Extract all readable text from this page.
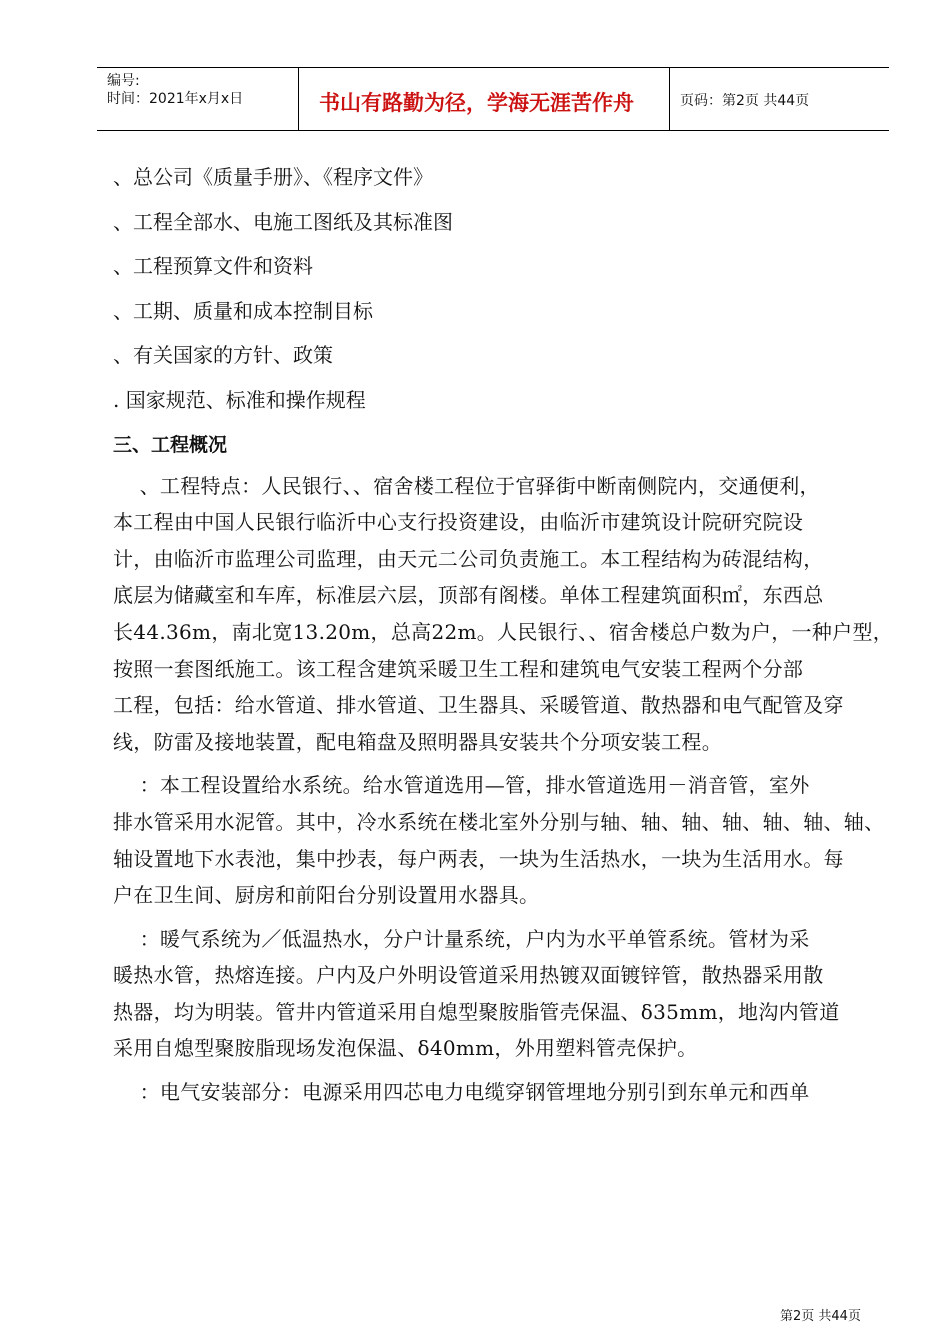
编号:
时间：2021年x月x日	书山有路勤为径，学海无涯苦作舟	页码：第2页 共44页
、总公司《质量手册》、《程序文件》
、工程全部水、电施工图纸及其标准图
、工程预算文件和资料
、工期、质量和成本控制目标
、有关国家的方针、政策
. 国家规范、标准和操作规程
三、工程概况
、工程特点：人民银行、、宿舍楼工程位于官驿街中断南侧院内，交通便利，
本工程由中国人民银行临沂中心支行投资建设，由临沂市建筑设计院研究院设
计，由临沂市监理公司监理，由天元二公司负责施工。本工程结构为砖混结构，
底层为储藏室和车库，标准层六层，顶部有阁楼。单体工程建筑面积㎡，东西总
长44.36m，南北宽13.20m，总高22m。人民银行、、宿舍楼总户数为户，一种户型，
按照一套图纸施工。该工程含建筑采暖卫生工程和建筑电气安装工程两个分部
工程，包括：给水管道、排水管道、卫生器具、采暖管道、散热器和电气配管及穿
线，防雷及接地装置，配电箱盘及照明器具安装共个分项安装工程。
：本工程设置给水系统。给水管道选用—管，排水管道选用－消音管，室外
排水管采用水泥管。其中，冷水系统在楼北室外分别与轴、轴、轴、轴、轴、轴、轴、
轴设置地下水表池，集中抄表，每户两表，一块为生活热水，一块为生活用水。每
户在卫生间、厨房和前阳台分别设置用水器具。
：暖气系统为／低温热水，分户计量系统，户内为水平单管系统。管材为采
暖热水管，热熔连接。户内及户外明设管道采用热镀双面镀锌管，散热器采用散
热器，均为明装。管井内管道采用自熄型聚胺脂管壳保温、δ35mm，地沟内管道
采用自熄型聚胺脂现场发泡保温、δ40mm，外用塑料管壳保护。
：电气安装部分：电源采用四芯电力电缆穿钢管埋地分别引到东单元和西单
第2页 共44页
